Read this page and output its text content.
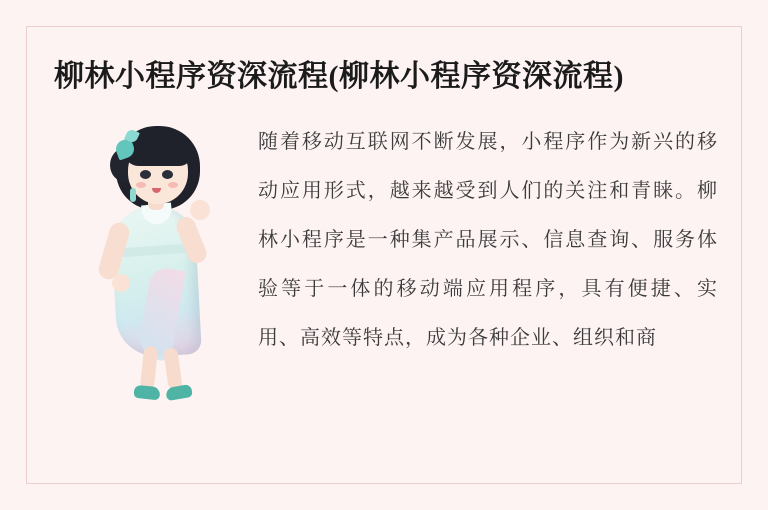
柳林小程序资深流程(柳林小程序资深流程)
随着移动互联网不断发展，小程序作为新兴的移动应用形式，越来越受到人们的关注和青睐。柳林小程序是一种集产品展示、信息查询、服务体验等于一体的移动端应用程序，具有便捷、实用、高效等特点，成为各种企业、组织和商
